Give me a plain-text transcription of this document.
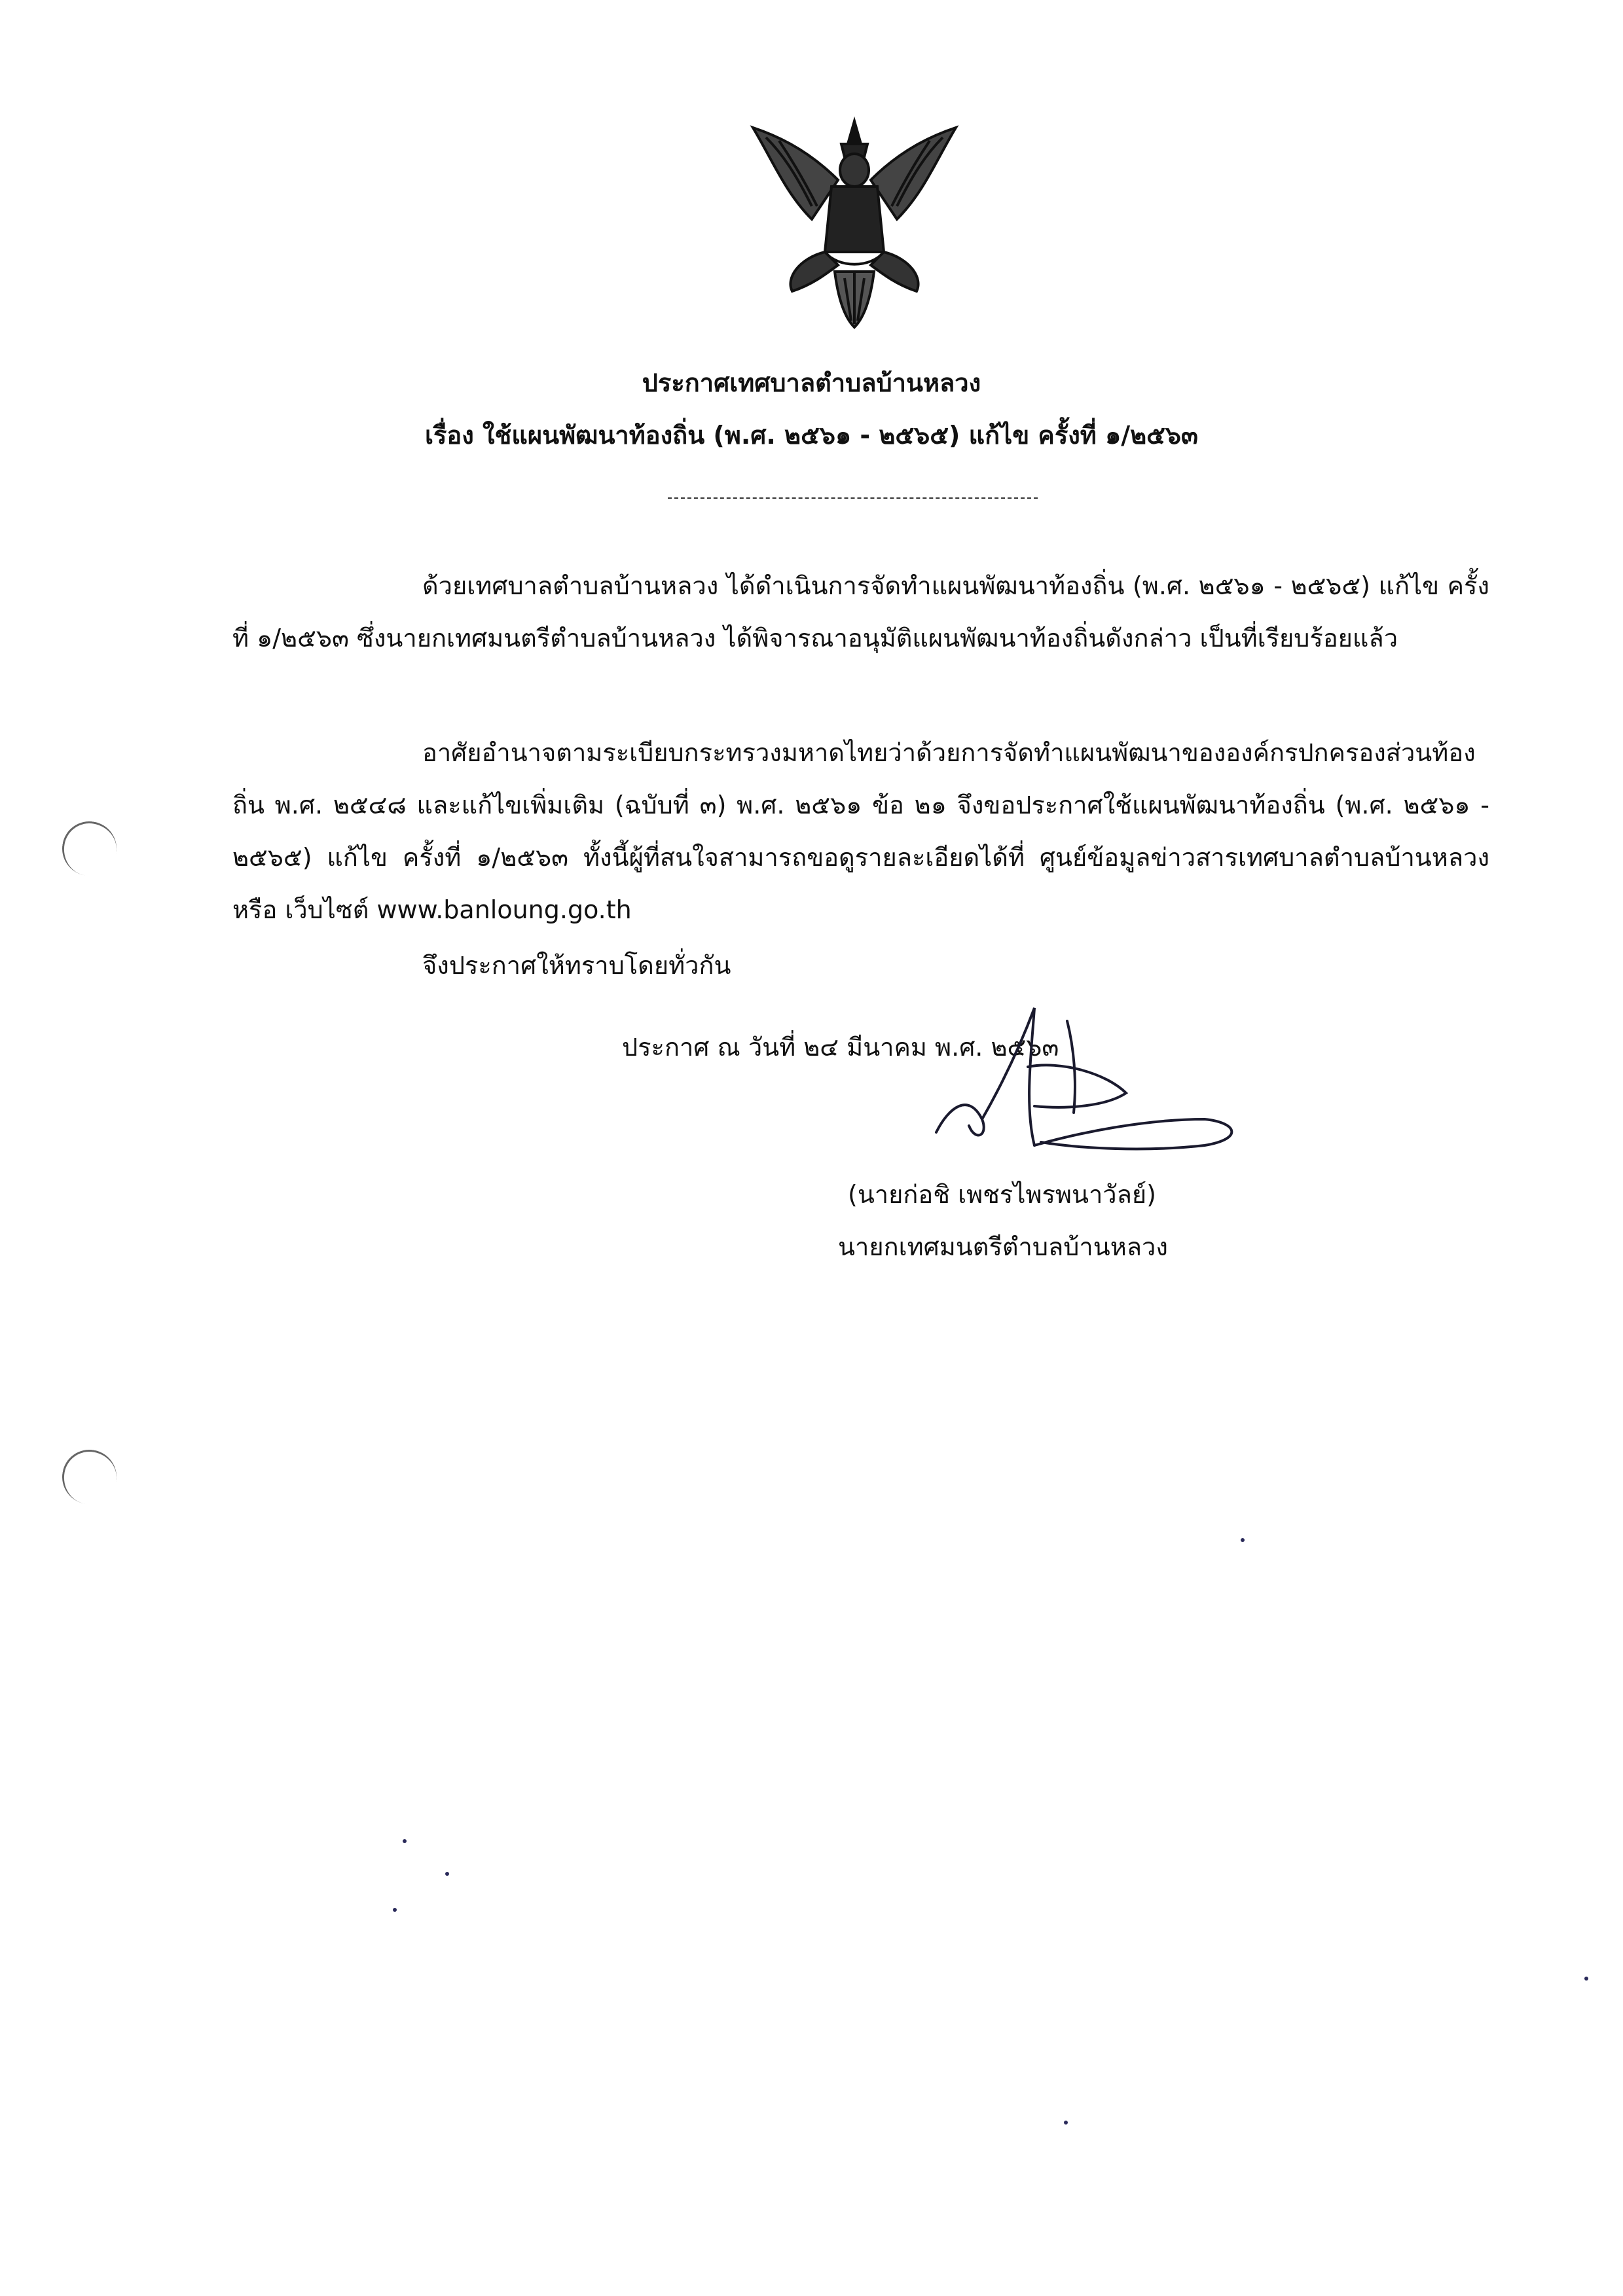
ประกาศเทศบาลตำบลบ้านหลวง
เรื่อง ใช้แผนพัฒนาท้องถิ่น (พ.ศ. ๒๕๖๑ - ๒๕๖๕) แก้ไข ครั้งที่ ๑/๒๕๖๓

ด้วยเทศบาลตำบลบ้านหลวง ได้ดำเนินการจัดทำแผนพัฒนาท้องถิ่น (พ.ศ. ๒๕๖๑ - ๒๕๖๕) แก้ไข ครั้งที่ ๑/๒๕๖๓ ซึ่งนายกเทศมนตรีตำบลบ้านหลวง ได้พิจารณาอนุมัติแผนพัฒนาท้องถิ่นดังกล่าว เป็นที่เรียบร้อยแล้ว

อาศัยอำนาจตามระเบียบกระทรวงมหาดไทยว่าด้วยการจัดทำแผนพัฒนาขององค์กรปกครองส่วนท้องถิ่น พ.ศ. ๒๕๔๘ และแก้ไขเพิ่มเติม (ฉบับที่ ๓) พ.ศ. ๒๕๖๑ ข้อ ๒๑ จึงขอประกาศใช้แผนพัฒนาท้องถิ่น (พ.ศ. ๒๕๖๑ - ๒๕๖๕) แก้ไข ครั้งที่ ๑/๒๕๖๓ ทั้งนี้ผู้ที่สนใจสามารถขอดูรายละเอียดได้ที่ ศูนย์ข้อมูลข่าวสารเทศบาลตำบลบ้านหลวง หรือ เว็บไซต์ www.banloung.go.th

จึงประกาศให้ทราบโดยทั่วกัน
ประกาศ ณ วันที่ ๒๔ มีนาคม พ.ศ. ๒๕๖๓
(นายก่อชิ เพชรไพรพนาวัลย์)
นายกเทศมนตรีตำบลบ้านหลวง
